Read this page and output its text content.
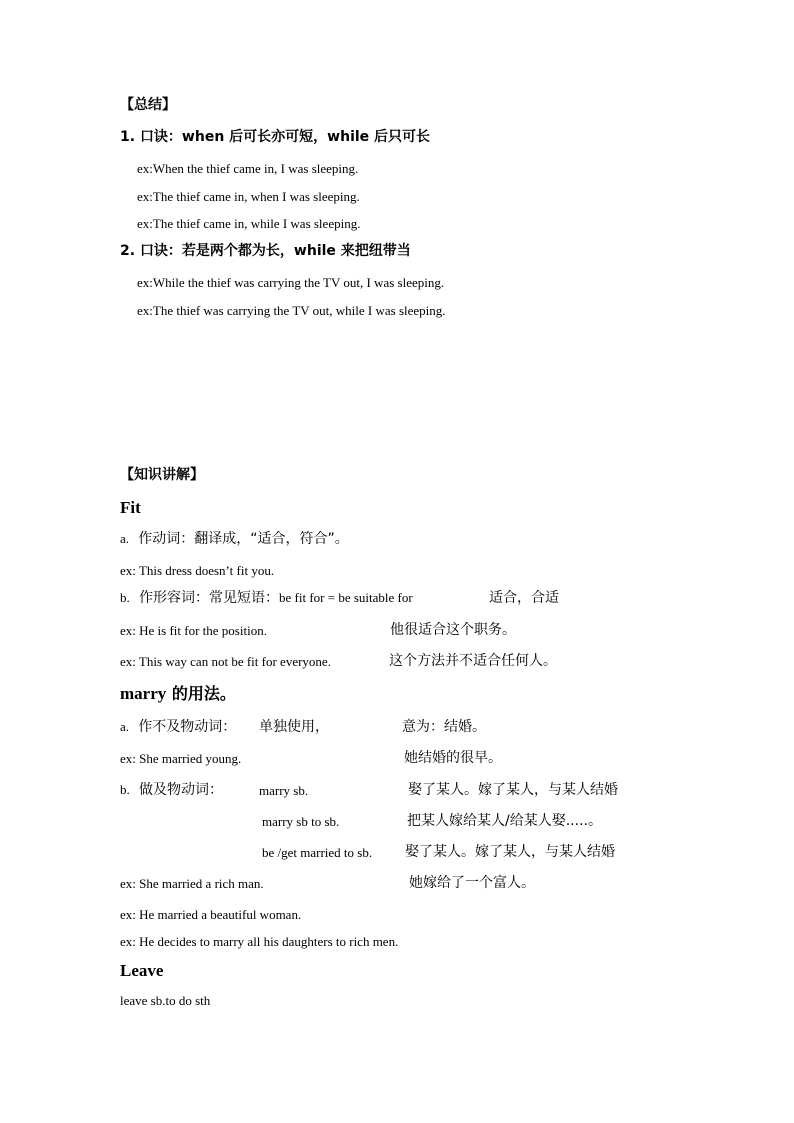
【总结】
1. 口诀：when 后可长亦可短，while 后只可长
ex:When the thief came in, I was sleeping.
ex:The thief came in, when I was sleeping.
ex:The thief came in, while I was sleeping.
2. 口诀：若是两个都为长，while 来把纽带当
ex:While the thief was carrying the TV out, I was sleeping.
ex:The thief was carrying the TV out, while I was sleeping.
【知识讲解】
Fit
a. 作动词：翻译成，“适合，符合”。
ex: This dress doesn’t fit you.
b. 作形容词：常见短语：be fit for = be suitable for	适合，合适
ex: He is fit for the position.	他很适合这个职务。
ex: This way can not be fit for everyone.	这个方法并不适合任何人。
marry 的用法。
a. 作不及物动词： 单独使用，	意为：结婚。
ex: She married young.	她结婚的很早。
b. 做及物动词：	marry sb.	娶了某人。嫁了某人，与某人结婚
marry sb to sb.	把某人嫁给某人/给某人娶.....。
be /get married to sb. 娶了某人。嫁了某人，与某人结婚
ex: She married a rich man.	她嫁给了一个富人。
ex: He married a beautiful woman.
ex: He decides to marry all his daughters to rich men.
Leave
leave sb.to do sth
